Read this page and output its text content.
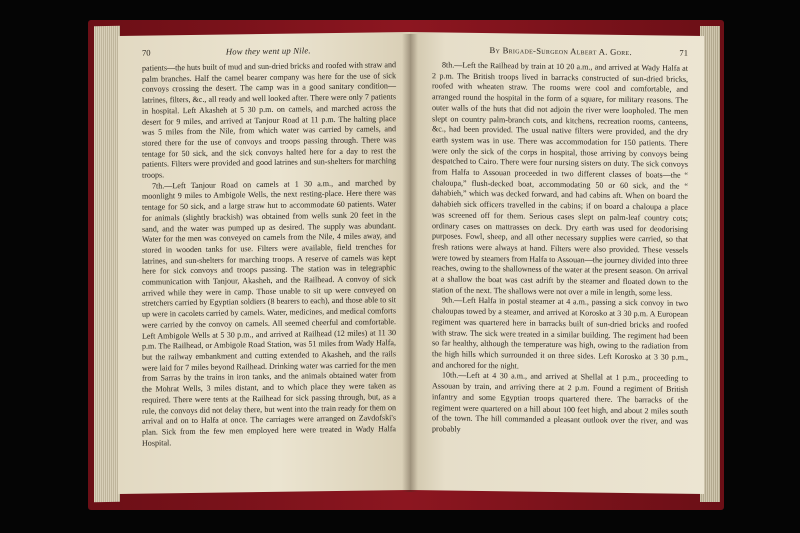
70	How they went up Nile.

patients—the huts built of mud and sun-dried bricks and roofed with straw and palm branches. Half the camel bearer company was here for the use of sick convoys crossing the desert. The camp was in a good sanitary condition—latrines, filters, &c., all ready and well looked after. There were only 7 patients in hospital. Left Akasheh at 5 30 p.m. on camels, and marched across the desert for 9 miles, and arrived at Tanjour Road at 11 p.m. The halting place was 5 miles from the Nile, from which water was carried by camels, and stored there for the use of convoys and troops passing through. There was tentage for 50 sick, and the sick convoys halted here for a day to rest the patients. Filters were provided and good latrines and sun-shelters for marching troops.

7th.—Left Tanjour Road on camels at 1 30 a.m., and marched by moonlight 9 miles to Ambigole Wells, the next resting-place. Here there was tentage for 50 sick, and a large straw hut to accommodate 60 patients. Water for animals (slightly brackish) was obtained from wells sunk 20 feet in the sand, and the water was pumped up as desired. The supply was abundant. Water for the men was conveyed on camels from the Nile, 4 miles away, and stored in wooden tanks for use. Filters were available, field trenches for latrines, and sun-shelters for marching troops. A reserve of camels was kept here for sick convoys and troops passing. The station was in telegraphic communication with Tanjour, Akasheh, and the Railhead. A convoy of sick arrived while they were in camp. Those unable to sit up were conveyed on stretchers carried by Egyptian soldiers (8 bearers to each), and those able to sit up were in cacolets carried by camels. Water, medicines, and medical comforts were carried by the convoy on camels. All seemed cheerful and comfortable. Left Ambigole Wells at 5 30 p.m., and arrived at Railhead (12 miles) at 11 30 p.m. The Railhead, or Ambigole Road Station, was 51 miles from Wady Halfa, but the railway embankment and cutting extended to Akasheh, and the rails were laid for 7 miles beyond Railhead. Drinking water was carried for the men from Sarras by the trains in iron tanks, and the animals obtained water from the Mohrat Wells, 3 miles distant, and to which place they were taken as required. There were tents at the Railhead for sick passing through, but, as a rule, the convoys did not delay there, but went into the train ready for them on arrival and on to Halfa at once. The carriages were arranged on Zavdofski's plan. Sick from the few men employed here were treated in Wady Halfa Hospital.

By Brigade-Surgeon Albert A. Gore.	71

8th.—Left the Railhead by train at 10 20 a.m., and arrived at Wady Halfa at 2 p.m. The British troops lived in barracks constructed of sun-dried bricks, roofed with wheaten straw. The rooms were cool and comfortable, and arranged round the hospital in the form of a square, for military reasons. The outer walls of the huts that did not adjoin the river were loopholed. The men slept on country palm-branch cots, and kitchens, recreation rooms, canteens, &c., had been provided. The usual native filters were provided, and the dry earth system was in use. There was accommodation for 150 patients. There were only the sick of the corps in hospital, those arriving by convoys being despatched to Cairo. There were four nursing sisters on duty. The sick convoys from Halfa to Assouan proceeded in two different classes of boats—the “ chaloupa,” flush-decked boat, accommodating 50 or 60 sick, and the “ dahabieh,” which was decked forward, and had cabins aft. When on board the dahabieh sick officers travelled in the cabins; if on board a chaloupa a place was screened off for them. Serious cases slept on palm-leaf country cots; ordinary cases on mattrasses on deck. Dry earth was used for deodorising purposes. Fowl, sheep, and all other necessary supplies were carried, so that fresh rations were always at hand. Filters were also provided. These vessels were towed by steamers from Halfa to Assouan—the journey divided into three reaches, owing to the shallowness of the water at the present season. On arrival at a shallow the boat was cast adrift by the steamer and floated down to the station of the next. The shallows were not over a mile in length, some less.

9th.—Left Halfa in postal steamer at 4 a.m., passing a sick convoy in two chaloupas towed by a steamer, and arrived at Korosko at 3 30 p.m. A European regiment was quartered here in barracks built of sun-dried bricks and roofed with straw. The sick were treated in a similar building. The regiment had been so far healthy, although the temperature was high, owing to the radiation from the high hills which surrounded it on three sides. Left Korosko at 3 30 p.m., and anchored for the night.

10th.—Left at 4 30 a.m., and arrived at Shellal at 1 p.m., proceeding to Assouan by train, and arriving there at 2 p.m. Found a regiment of British infantry and some Egyptian troops quartered there. The barracks of the regiment were quartered on a hill about 100 feet high, and about 2 miles south of the town. The hill commanded a pleasant outlook over the river, and was probably
